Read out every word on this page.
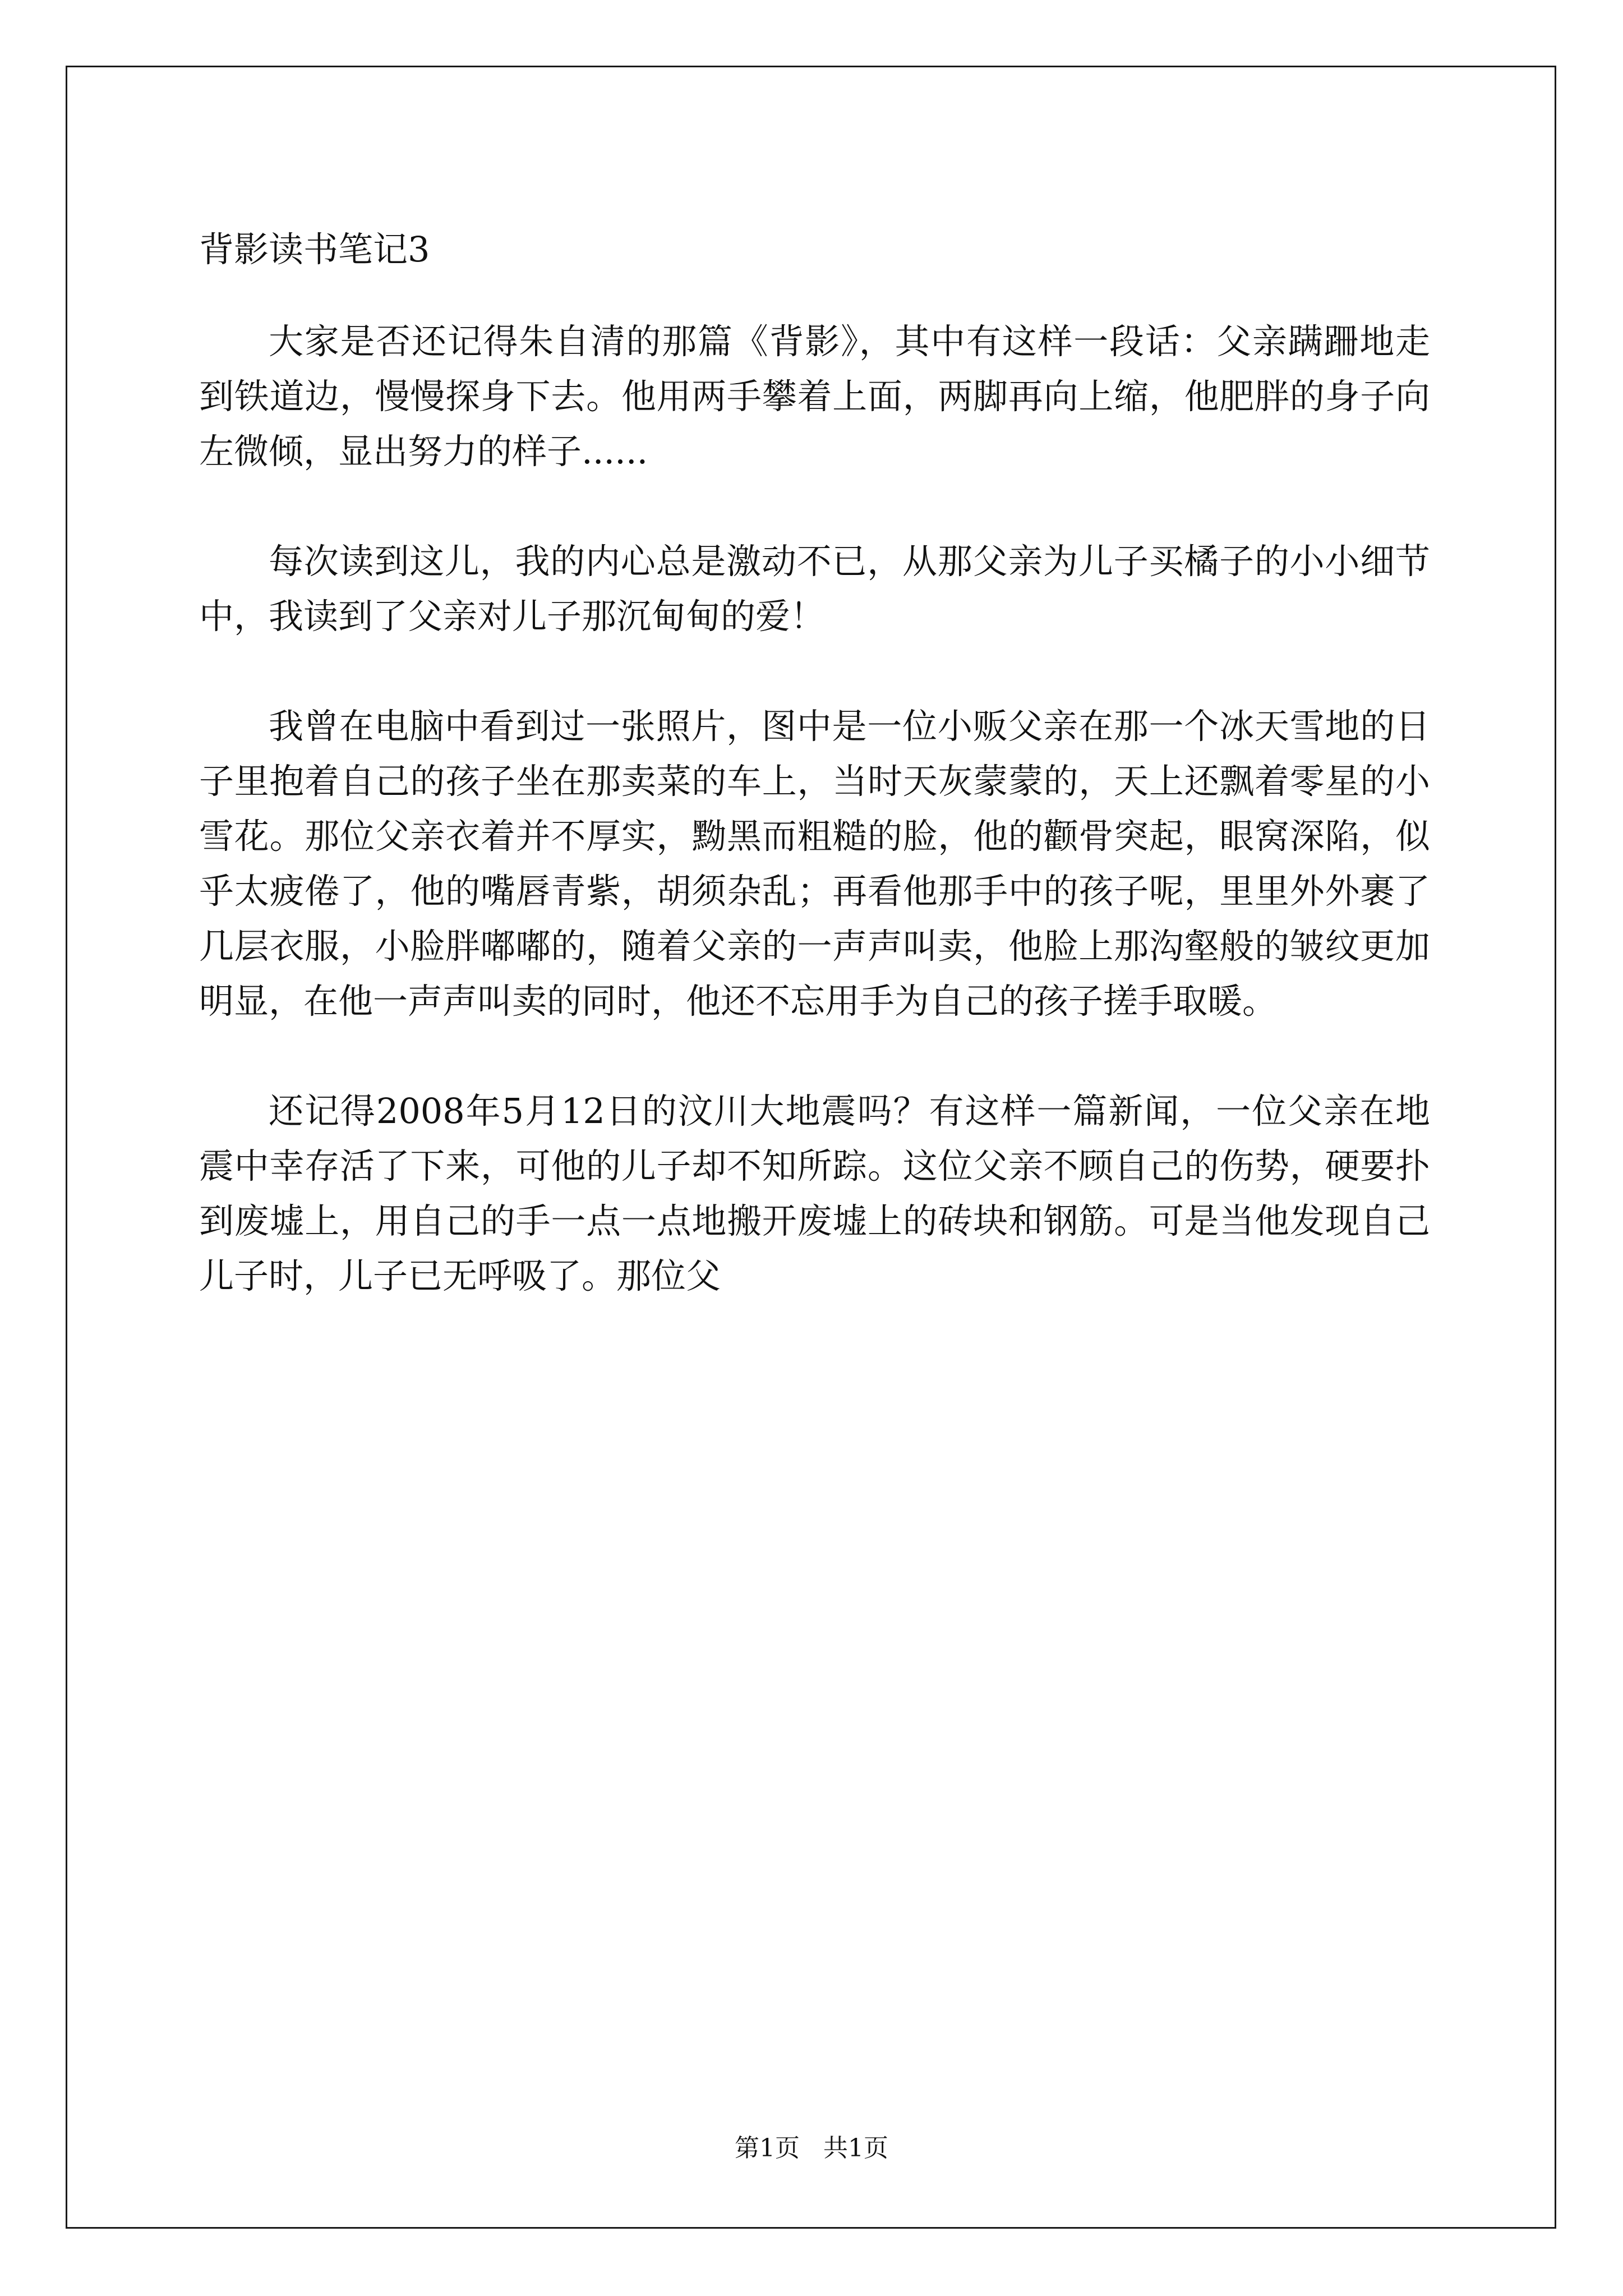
背影读书笔记3

大家是否还记得朱自清的那篇《背影》，其中有这样一段话：父亲蹒跚地走到铁道边，慢慢探身下去。他用两手攀着上面，两脚再向上缩，他肥胖的身子向左微倾，显出努力的样子......

每次读到这儿，我的内心总是激动不已，从那父亲为儿子买橘子的小小细节中，我读到了父亲对儿子那沉甸甸的爱！

我曾在电脑中看到过一张照片，图中是一位小贩父亲在那一个冰天雪地的日子里抱着自己的孩子坐在那卖菜的车上，当时天灰蒙蒙的，天上还飘着零星的小雪花。那位父亲衣着并不厚实，黝黑而粗糙的脸，他的颧骨突起，眼窝深陷，似乎太疲倦了，他的嘴唇青紫，胡须杂乱；再看他那手中的孩子呢，里里外外裹了几层衣服，小脸胖嘟嘟的，随着父亲的一声声叫卖，他脸上那沟壑般的皱纹更加明显，在他一声声叫卖的同时，他还不忘用手为自己的孩子搓手取暖。

还记得2008年5月12日的汶川大地震吗？有这样一篇新闻，一位父亲在地震中幸存活了下来，可他的儿子却不知所踪。这位父亲不顾自己的伤势，硬要扑到废墟上，用自己的手一点一点地搬开废墟上的砖块和钢筋。可是当他发现自己儿子时，儿子已无呼吸了。那位父

第1页   共1页
